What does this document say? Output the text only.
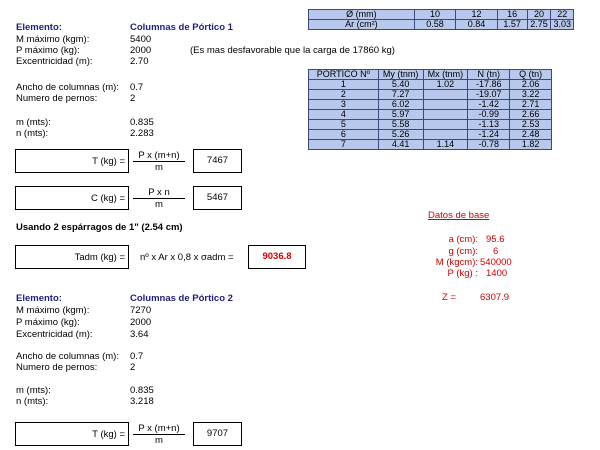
Ø (mm)	10	12	16	20	22
Ar (cm²)	0.58	0.84	1.57	2.75	3.03
PORTICO Nº	My (tnm)	Mx (tnm)	N (tn)	Q (tn)
1	5.40	1.02	-17.86	2.06
2	7.27		-19.07	3.22
3	6.02		-1.42	2.71
4	5.97		-0.99	2.66
5	5.58		-1.13	2.53
6	5.26		-1.24	2.48
7	4.41	1.14	-0.78	1.82
Elemento:	Columnas de Pórtico 1
M máximo (kgm):	5400
P máximo (kg):	2000	(Es mas desfavorable que la carga de 17860 kg)
Excentricidad (m):	2.70
Ancho de columnas (m): 0.7
Numero de pernos:	2
m (mts):	0.835
n (mts):	2.283
T $(kg) = \frac{\text{P x (m+n)}}{m}$	7467
C $(kg) = \frac{\text{P x n}}{m}$	5467
Usando 2 espárragos de 1" (2.54 cm)
Tadm (kg) = nº x Ar x 0,8 x σadm =	9036.8
Datos de base
a (cm): 95.6
g (cm): 6
M (kgcm): 540000
P (kg) : 1400
Z =	6307.9
Elemento:	Columnas de Pórtico 2
M máximo (kgm):	7270
P máximo (kg):	2000
Excentricidad (m):	3.64
Ancho de columnas (m): 0.7
Numero de pernos:	2
m (mts):	0.835
n (mts):	3.218
T $(kg) = \frac{\text{P x (m+n)}}{m}$	9707
